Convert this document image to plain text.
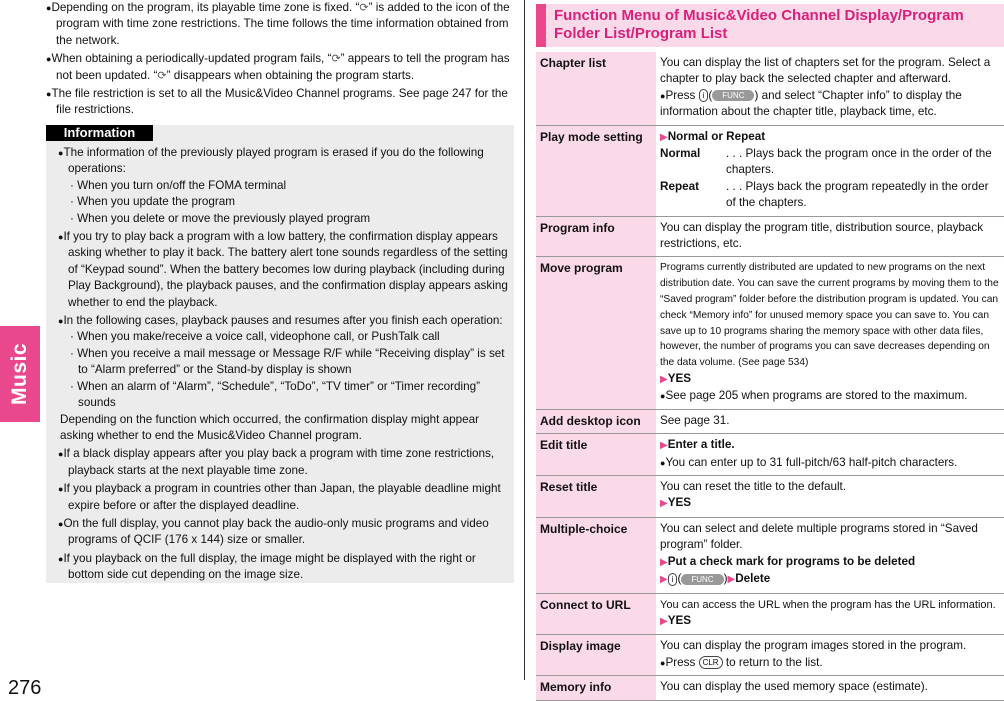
Music
276

●Depending on the program, its playable time zone is fixed. “⟳” is added to the icon of the program with time zone restrictions. The time follows the time information obtained from the network.

●When obtaining a periodically-updated program fails, “⟳” appears to tell the program has not been updated. “⟳” disappears when obtaining the program starts.

●The file restriction is set to all the Music&Video Channel programs. See page 247 for the file restrictions.

Information
●The information of the previously played program is erased if you do the following operations:
· When you turn on/off the FOMA terminal
· When you update the program
· When you delete or move the previously played program
●If you try to play back a program with a low battery, the confirmation display appears asking whether to play it back. The battery alert tone sounds regardless of the setting of “Keypad sound”. When the battery becomes low during playback (including during Play Background), the playback pauses, and the confirmation display appears asking whether to end the playback.
●In the following cases, playback pauses and resumes after you finish each operation:
· When you make/receive a voice call, videophone call, or PushTalk call
· When you receive a mail message or Message R/F while “Receiving display” is set to “Alarm preferred” or the Stand-by display is shown
· When an alarm of “Alarm”, “Schedule”, “ToDo”, “TV timer” or “Timer recording” sounds
Depending on the function which occurred, the confirmation display might appear asking whether to end the Music&Video Channel program.
●If a black display appears after you play back a program with time zone restrictions, playback starts at the next playable time zone.
●If you playback a program in countries other than Japan, the playable deadline might expire before or after the displayed deadline.
●On the full display, you cannot play back the audio-only music programs and video programs of QCIF (176 x 144) size or smaller.
●If you playback on the full display, the image might be displayed with the right or bottom side cut depending on the image size.
Function Menu of Music&Video Channel Display/Program Folder List/Program List
Chapter list	You can display the list of chapters set for the program. Select a chapter to play back the selected chapter and afterward.
●Press i ( FUNC ) and select “Chapter info” to display the information about the chapter title, playback time, etc.

Play mode setting	▶Normal or Repeat
Normal . . . Plays back the program once in the order of the chapters.
Repeat . . . Plays back the program repeatedly in the order of the chapters.

Program info	You can display the program title, distribution source, playback restrictions, etc.
Move program	Programs currently distributed are updated to new programs on the next distribution date. You can save the current programs by moving them to the “Saved program” folder before the distribution program is updated. You can check “Memory info” for unused memory space you can save to. You can save up to 10 programs sharing the memory space with other data files, however, the number of programs you can save decreases depending on the data volume. (See page 534)
▶YES
●See page 205 when programs are stored to the maximum.

Add desktop icon	See page 31.
Edit title	▶Enter a title.
●You can enter up to 31 full-pitch/63 half-pitch characters.

Reset title	You can reset the title to the default.
▶YES

Multiple-choice	You can select and delete multiple programs stored in “Saved program” folder.
▶Put a check mark for programs to be deleted
▶ i ( FUNC )▶Delete

Connect to URL	You can access the URL when the program has the URL information.
▶YES

Display image	You can display the program images stored in the program.
●Press CLR to return to the list.

Memory info	You can display the used memory space (estimate).
